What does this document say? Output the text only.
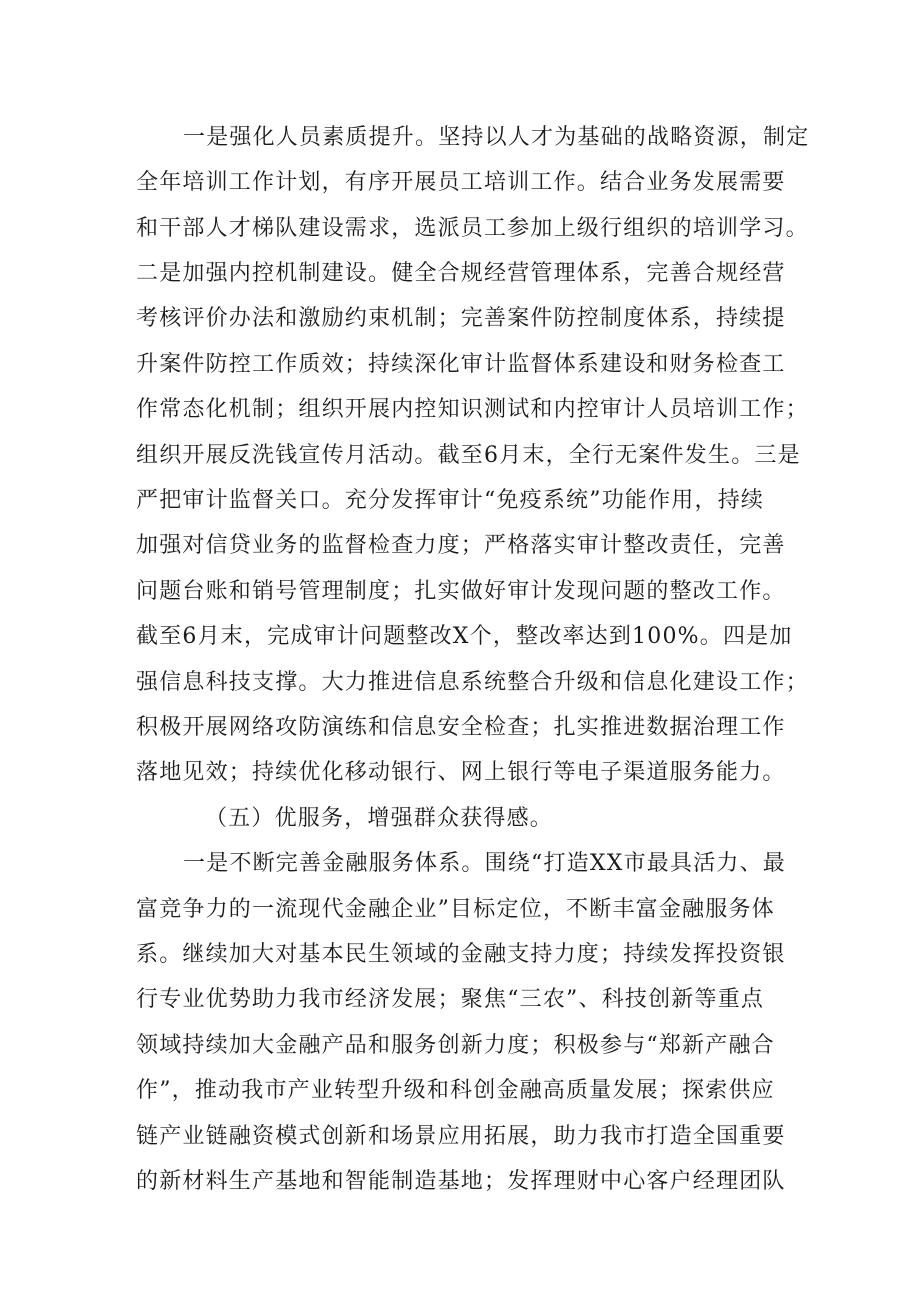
一是强化人员素质提升。坚持以人才为基础的战略资源，制定
全年培训工作计划，有序开展员工培训工作。结合业务发展需要
和干部人才梯队建设需求，选派员工参加上级行组织的培训学习。
二是加强内控机制建设。健全合规经营管理体系，完善合规经营
考核评价办法和激励约束机制；完善案件防控制度体系，持续提
升案件防控工作质效；持续深化审计监督体系建设和财务检查工
作常态化机制；组织开展内控知识测试和内控审计人员培训工作；
组织开展反洗钱宣传月活动。截至6月末，全行无案件发生。三是
严把审计监督关口。充分发挥审计“免疫系统”功能作用，持续
加强对信贷业务的监督检查力度；严格落实审计整改责任，完善
问题台账和销号管理制度；扎实做好审计发现问题的整改工作。
截至6月末，完成审计问题整改X个，整改率达到100%。四是加
强信息科技支撑。大力推进信息系统整合升级和信息化建设工作；
积极开展网络攻防演练和信息安全检查；扎实推进数据治理工作
落地见效；持续优化移动银行、网上银行等电子渠道服务能力。
（五）优服务，增强群众获得感。
一是不断完善金融服务体系。围绕“打造XX市最具活力、最
富竞争力的一流现代金融企业”目标定位，不断丰富金融服务体
系。继续加大对基本民生领域的金融支持力度；持续发挥投资银
行专业优势助力我市经济发展；聚焦“三农”、科技创新等重点
领域持续加大金融产品和服务创新力度；积极参与“郑新产融合
作”，推动我市产业转型升级和科创金融高质量发展；探索供应
链产业链融资模式创新和场景应用拓展，助力我市打造全国重要
的新材料生产基地和智能制造基地；发挥理财中心客户经理团队
